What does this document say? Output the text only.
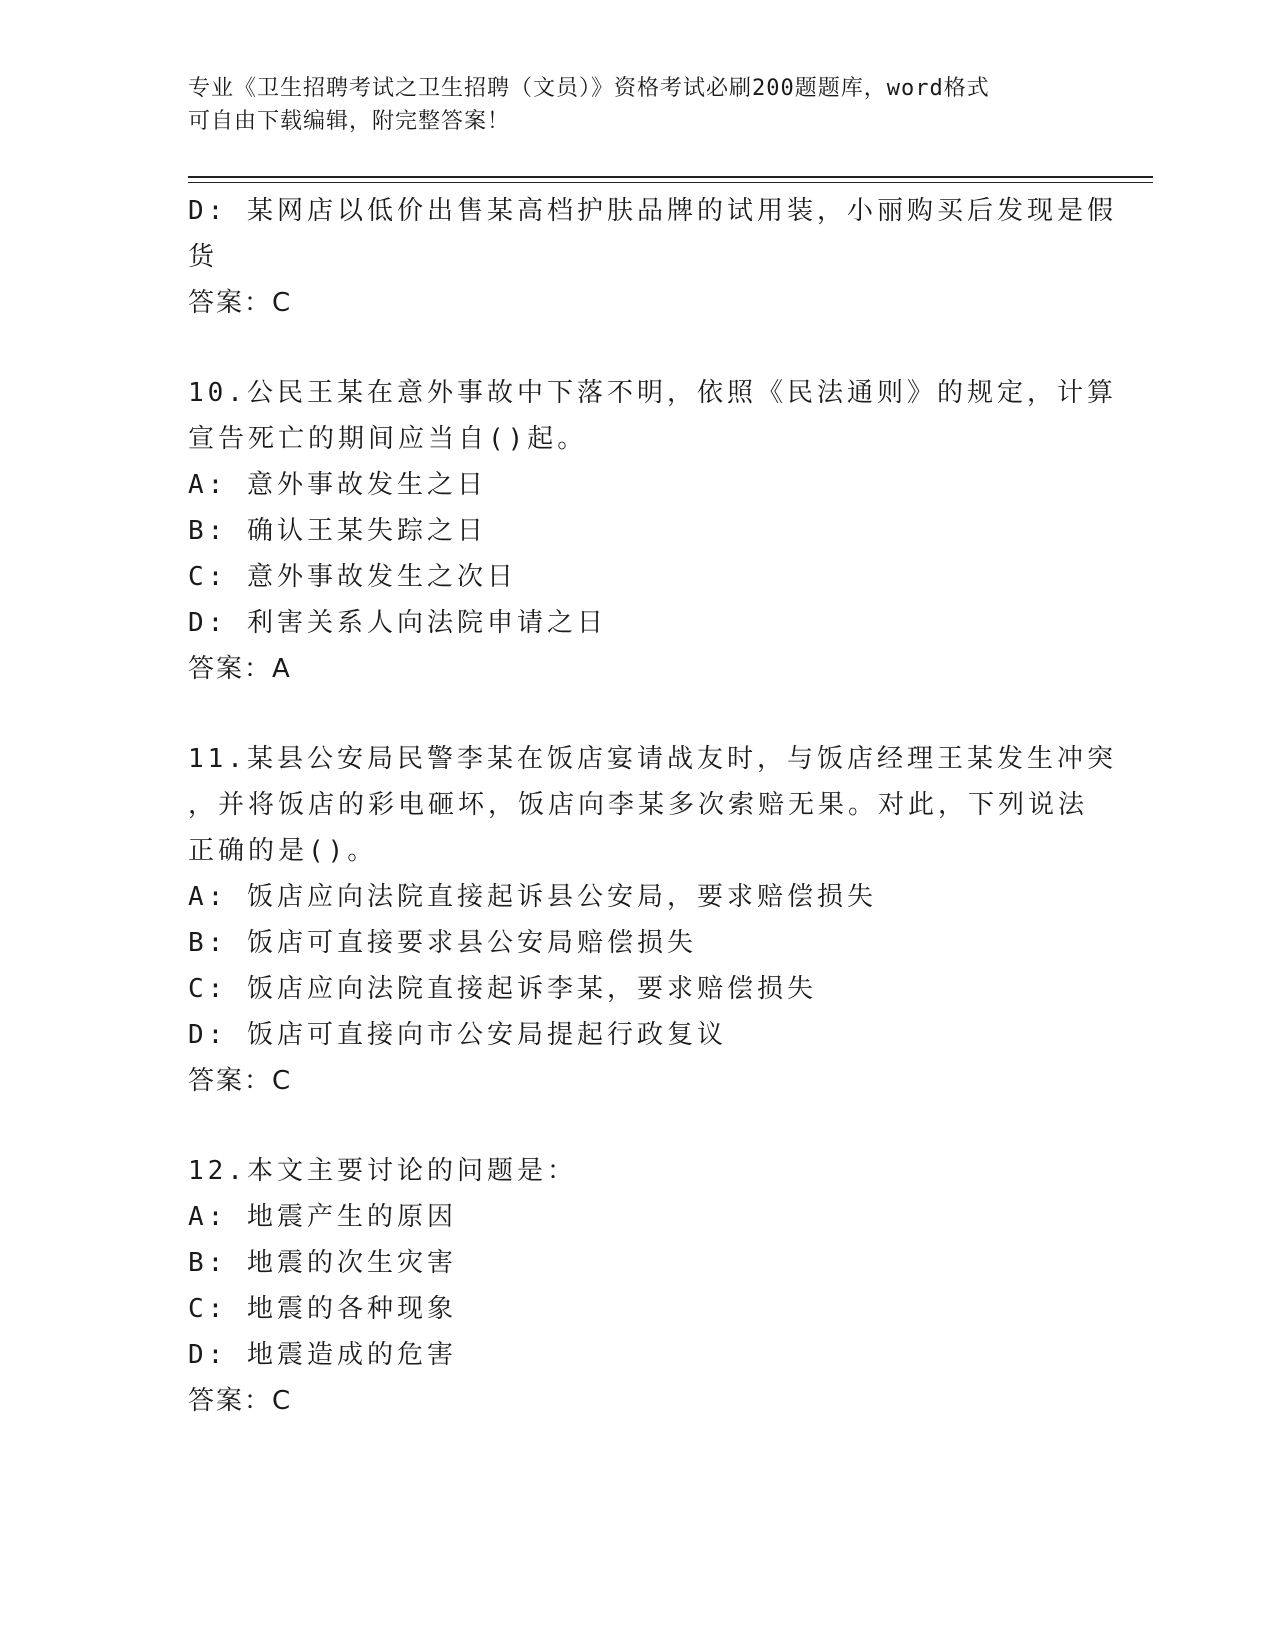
专业《卫生招聘考试之卫生招聘（文员）》资格考试必刷200题题库，word格式
可自由下载编辑，附完整答案！
D: 某网店以低价出售某高档护肤品牌的试用装，小丽购买后发现是假
货
答案：C
10.公民王某在意外事故中下落不明，依照《民法通则》的规定，计算
宣告死亡的期间应当自()起。
A: 意外事故发生之日
B: 确认王某失踪之日
C: 意外事故发生之次日
D: 利害关系人向法院申请之日
答案：A
11.某县公安局民警李某在饭店宴请战友时，与饭店经理王某发生冲突
，并将饭店的彩电砸坏，饭店向李某多次索赔无果。对此，下列说法
正确的是()。
A: 饭店应向法院直接起诉县公安局，要求赔偿损失
B: 饭店可直接要求县公安局赔偿损失
C: 饭店应向法院直接起诉李某，要求赔偿损失
D: 饭店可直接向市公安局提起行政复议
答案：C
12.本文主要讨论的问题是：
A: 地震产生的原因
B: 地震的次生灾害
C: 地震的各种现象
D: 地震造成的危害
答案：C
